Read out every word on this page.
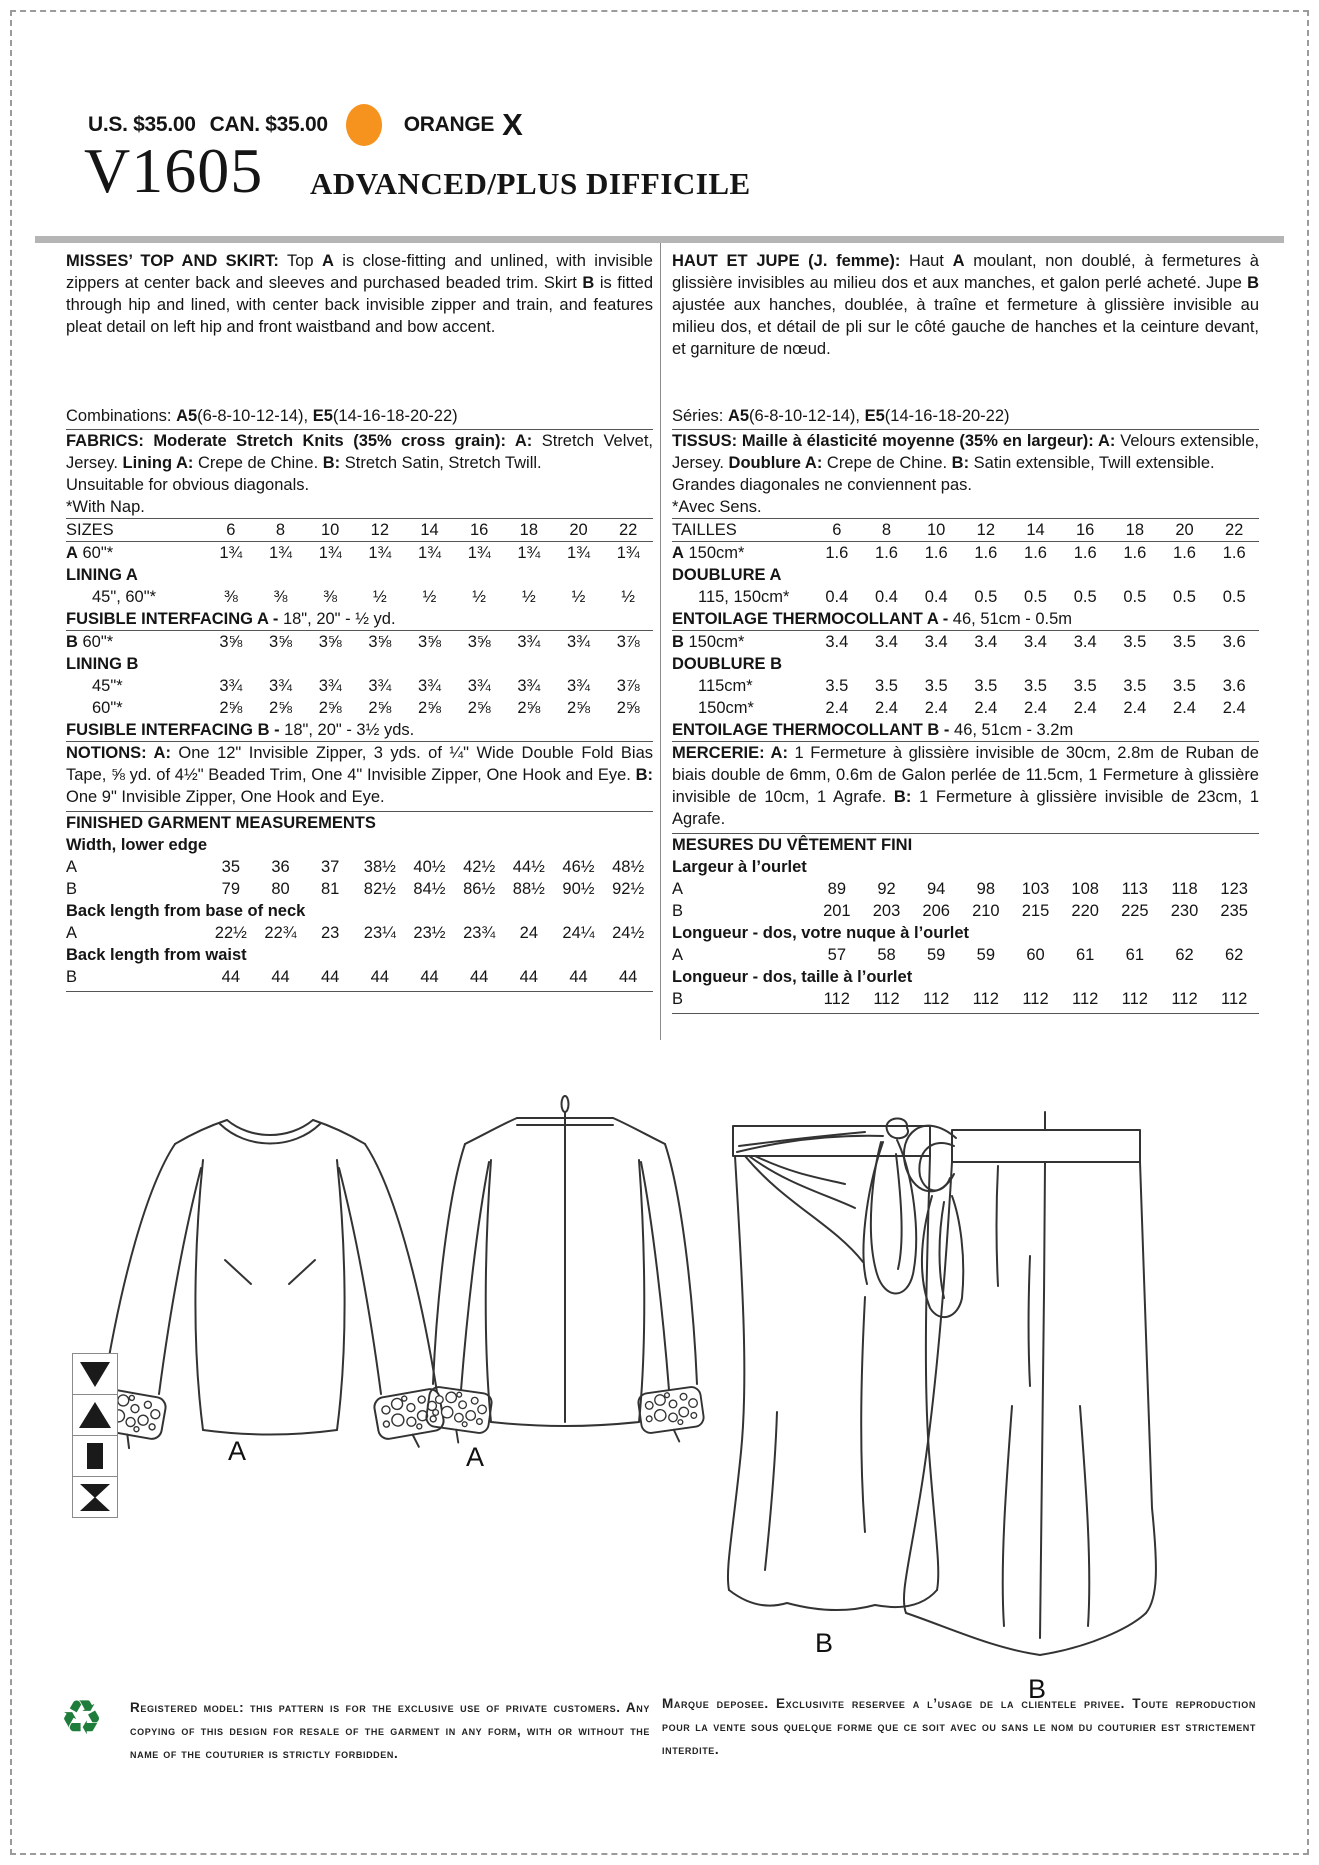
U.S. $35.00 CAN. $35.00	ORANGE X
V1605 ADVANCED/PLUS DIFFICILE

MISSES’ TOP AND SKIRT: Top A is close-fitting and unlined, with invisible zippers at center back and sleeves and purchased beaded trim. Skirt B is fitted through hip and lined, with center back invisible zipper and train, and features pleat detail on left hip and front waistband and bow accent.

Combinations: A5(6-8-10-12-14), E5(14-16-18-20-22)

FABRICS: Moderate Stretch Knits (35% cross grain): A: Stretch Velvet, Jersey. Lining A: Crepe de Chine. B: Stretch Satin, Stretch Twill.

Unsuitable for obvious diagonals.

*With Nap.

SIZES	6	8	10	12	14	16	18	20	22
A 60"*	1¾	1¾	1¾	1¾	1¾	1¾	1¾	1¾	1¾
LINING A
45", 60"*	⅜	⅜	⅜	½	½	½	½	½	½
FUSIBLE INTERFACING A - 18", 20" - ½ yd.
B 60"*	3⅝	3⅝	3⅝	3⅝	3⅝	3⅝	3¾	3¾	3⅞
LINING B
45"*	3¾	3¾	3¾	3¾	3¾	3¾	3¾	3¾	3⅞
60"*	2⅝	2⅝	2⅝	2⅝	2⅝	2⅝	2⅝	2⅝	2⅝
FUSIBLE INTERFACING B - 18", 20" - 3½ yds.

NOTIONS: A: One 12" Invisible Zipper, 3 yds. of ¼" Wide Double Fold Bias Tape, ⅝ yd. of 4½" Beaded Trim, One 4" Invisible Zipper, One Hook and Eye. B: One 9" Invisible Zipper, One Hook and Eye.

FINISHED GARMENT MEASUREMENTS
Width, lower edge
A	35	36	37	38½	40½	42½	44½	46½	48½
B	79	80	81	82½	84½	86½	88½	90½	92½
Back length from base of neck
A	22½	22¾	23	23¼	23½	23¾	24	24¼	24½
Back length from waist
B	44	44	44	44	44	44	44	44	44

HAUT ET JUPE (J. femme): Haut A moulant, non doublé, à fermetures à glissière invisibles au milieu dos et aux manches, et galon perlé acheté. Jupe B ajustée aux hanches, doublée, à traîne et fermeture à glissière invisible au milieu dos, et détail de pli sur le côté gauche de hanches et la ceinture devant, et garniture de nœud.

Séries: A5(6-8-10-12-14), E5(14-16-18-20-22)

TISSUS: Maille à élasticité moyenne (35% en largeur): A: Velours extensible, Jersey. Doublure A: Crepe de Chine. B: Satin extensible, Twill extensible.

Grandes diagonales ne conviennent pas.

*Avec Sens.

TAILLES	6	8	10	12	14	16	18	20	22
A 150cm*	1.6	1.6	1.6	1.6	1.6	1.6	1.6	1.6	1.6
DOUBLURE A
115, 150cm*	0.4	0.4	0.4	0.5	0.5	0.5	0.5	0.5	0.5
ENTOILAGE THERMOCOLLANT A - 46, 51cm - 0.5m
B 150cm*	3.4	3.4	3.4	3.4	3.4	3.4	3.5	3.5	3.6
DOUBLURE B
115cm*	3.5	3.5	3.5	3.5	3.5	3.5	3.5	3.5	3.6
150cm*	2.4	2.4	2.4	2.4	2.4	2.4	2.4	2.4	2.4
ENTOILAGE THERMOCOLLANT B - 46, 51cm - 3.2m

MERCERIE: A: 1 Fermeture à glissière invisible de 30cm, 2.8m de Ruban de biais double de 6mm, 0.6m de Galon perlée de 11.5cm, 1 Fermeture à glissière invisible de 10cm, 1 Agrafe. B: 1 Fermeture à glissière invisible de 23cm, 1 Agrafe.

MESURES DU VÊTEMENT FINI
Largeur à l’ourlet
A	89	92	94	98	103	108	113	118	123
B	201	203	206	210	215	220	225	230	235
Longueur - dos, votre nuque à l’ourlet
A	57	58	59	59	60	61	61	62	62
Longueur - dos, taille à l’ourlet
B	112	112	112	112	112	112	112	112	112
A	A
B
B
♻ Registered model: this pattern is for the exclusive use of private customers. Any copying of this design for resale of the garment in any form, with or without the name of the couturier is strictly forbidden.
Marque deposee. Exclusivite reservee a l’usage de la clientele privee. Toute reproduction pour la vente sous quelque forme que ce soit avec ou sans le nom du couturier est strictement interdite.
